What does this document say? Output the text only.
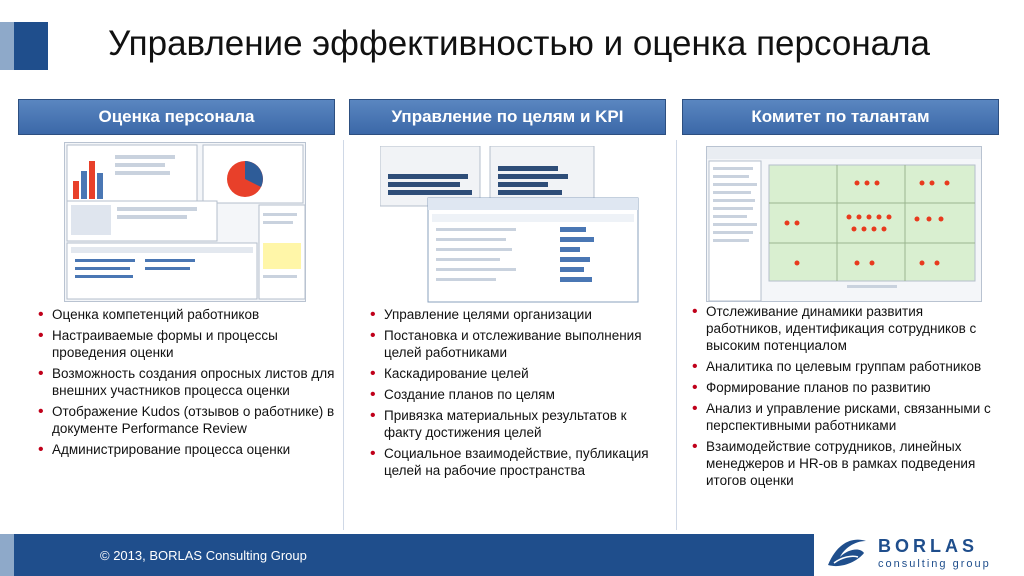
Управление эффективностью и оценка персонала
Оценка персонала	Управление по целям и KPI	Комитет по талантам
• Оценка компетенций работников
• Настраиваемые формы и процессы проведения оценки
• Возможность создания опросных листов для внешних участников процесса оценки
• Отображение Kudos (отзывов о работнике) в документе Performance Review
• Администрирование процесса оценки
• Управление целями организации
• Постановка и отслеживание выполнения целей работниками
• Каскадирование целей
• Создание планов по целям
• Привязка материальных результатов к факту достижения целей
• Социальное взаимодействие, публикация целей на рабочие пространства
• Отслеживание динамики развития работников, идентификация сотрудников с высоким потенциалом
• Аналитика по целевым группам работников
• Формирование планов по развитию
• Анализ и управление рисками, связанными с перспективными работниками
• Взаимодействие сотрудников, линейных менеджеров и HR-ов в рамках подведения итогов оценки
© 2013, BORLAS Consulting Group	BORLAS
consulting group
